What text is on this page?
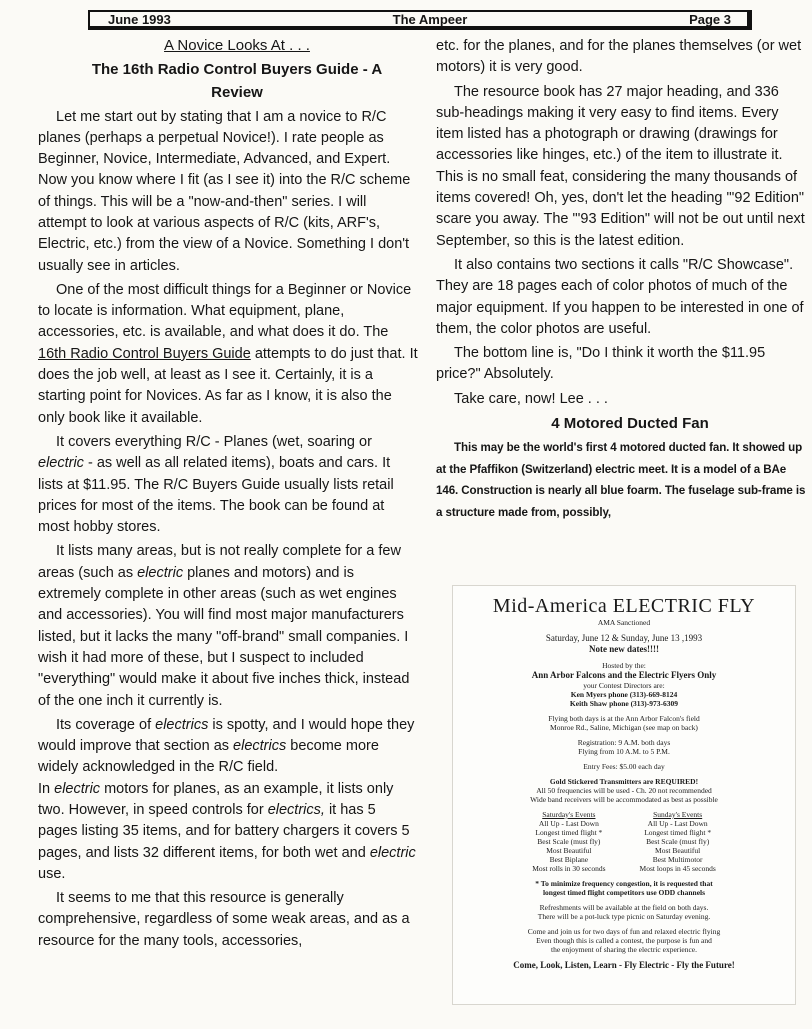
June 1993	The Ampeer	Page 3

A Novice Looks At . . .

The 16th Radio Control Buyers Guide - A

Review

Let me start out by stating that I am a novice to R/C planes (perhaps a perpetual Novice!). I rate people as Beginner, Novice, Intermediate, Advanced, and Expert. Now you know where I fit (as I see it) into the R/C scheme of things. This will be a "now-and-then" series. I will attempt to look at various aspects of R/C (kits, ARF's, Electric, etc.) from the view of a Novice. Something I don't usually see in articles.

One of the most difficult things for a Beginner or Novice to locate is information. What equipment, plane, accessories, etc. is available, and what does it do. The 16th Radio Control Buyers Guide attempts to do just that. It does the job well, at least as I see it. Certainly, it is a starting point for Novices. As far as I know, it is also the only book like it available.

It covers everything R/C - Planes (wet, soaring or electric - as well as all related items), boats and cars. It lists at $11.95. The R/C Buyers Guide usually lists retail prices for most of the items. The book can be found at most hobby stores.

It lists many areas, but is not really complete for a few areas (such as electric planes and motors) and is extremely complete in other areas (such as wet engines and accessories). You will find most major manufacturers listed, but it lacks the many "off-brand" small companies. I wish it had more of these, but I suspect to included "everything" would make it about five inches thick, instead of the one inch it currently is.

Its coverage of electrics is spotty, and I would hope they would improve that section as electrics become more widely acknowledged in the R/C field.
In electric motors for planes, as an example, it lists only two. However, in speed controls for electrics, it has 5 pages listing 35 items, and for battery chargers it covers 5 pages, and lists 32 different items, for both wet and electric use.

It seems to me that this resource is generally comprehensive, regardless of some weak areas, and as a resource for the many tools, accessories,

etc. for the planes, and for the planes themselves (or wet motors) it is very good.

The resource book has 27 major heading, and 336 sub-headings making it very easy to find items. Every item listed has a photograph or drawing (drawings for accessories like hinges, etc.) of the item to illustrate it. This is no small feat, considering the many thousands of items covered! Oh, yes, don't let the heading "'92 Edition" scare you away. The "'93 Edition" will not be out until next September, so this is the latest edition.

It also contains two sections it calls "R/C Showcase". They are 18 pages each of color photos of much of the major equipment. If you happen to be interested in one of them, the color photos are useful.

The bottom line is, "Do I think it worth the $11.95 price?" Absolutely.

Take care, now! Lee . . .

4 Motored Ducted Fan

This may be the world's first 4 motored ducted fan. It showed up at the Pfaffikon (Switzerland) electric meet. It is a model of a BAe 146. Construction is nearly all blue foarm. The fuselage sub-frame is a structure made from, possibly,

Mid-America ELECTRIC FLY

AMA Sanctioned

Saturday, June 12 & Sunday, June 13 ,1993

Note new dates!!!!

Hosted by the:

Ann Arbor Falcons and the Electric Flyers Only

your Contest Directors are:

Ken Myers phone (313)-669-8124

Keith Shaw phone (313)-973-6309

Flying both days is at the Ann Arbor Falcon's field

Monroe Rd., Saline, Michigan (see map on back)

Registration: 9 A.M. both days

Flying from 10 A.M. to 5 P.M.

Entry Fees: $5.00 each day

Gold Stickered Transmitters are REQUIRED!

All 50 frequencies will be used - Ch. 20 not recommended

Wide band receivers will be accommodated as best as possible

Saturday's Events
All Up - Last Down
Longest timed flight *
Best Scale (must fly)
Most Beautiful
Best Biplane
Most rolls in 30 seconds
Sunday's Events
All Up - Last Down
Longest timed flight *
Best Scale (must fly)
Most Beautiful
Best Multimotor
Most loops in 45 seconds

* To minimize frequency congestion, it is requested that

longest timed flight competitors use ODD channels

Refreshments will be available at the field on both days.

There will be a pot-luck type picnic on Saturday evening.

Come and join us for two days of fun and relaxed electric flying

Even though this is called a contest, the purpose is fun and

the enjoyment of sharing the electric experience.

Come, Look, Listen, Learn - Fly Electric - Fly the Future!
